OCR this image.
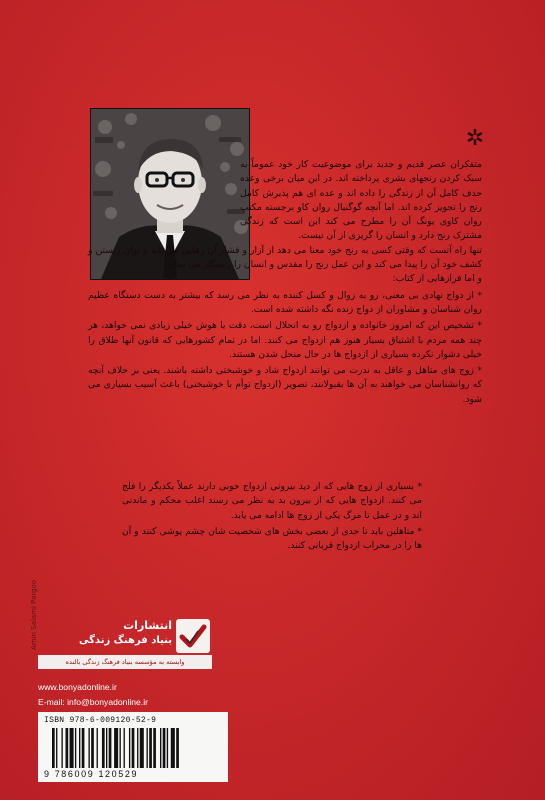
✲

متفکران عصر قدیم و جدید برای موضوعیت کار خود عموماً به سبک کردن رنجهای بشری پرداخته اند. در این میان برخی وعده حذف کامل آن از زندگی را داده اند و عده ای هم پذیرش کامل رنج را تجویز کرده اند. اما آنچه گوگنیال روان کاو برجسته مکتب روان کاوی یونگ آن را مطرح می کند این است که زندگی مشترک رنج دارد و انسان را گریزی از آن نیست.

تنها راه آنست که وقتی کسی به رنج خود معنا می دهد از آزار و فشار آن رهایی می یابد و توان زیستن و کشف خود آن را پیدا می کند و این عمل رنج را مقدس و انسان را رستگار می نماید.

و اما فرازهایی از کتاب:

* از دواج نهادی بی معنی، رو به زوال و کسل کننده به نظر می رسد که بیشتر به دست دستگاه عظیم روان شناسان و مشاوران از دواج زنده نگه داشته شده است.

* تشخیص این که امروز خانواده و ازدواج رو به انحلال است، دقت یا هوش خیلی زیادی نمی خواهد، هر چند همه مردم با اشتیاق بسیار هنوز هم ازدواج می کنند. اما در تمام کشورهایی که قانون آنها طلاق را خیلی دشوار نکرده بسیاری از ازدواج ها در حال منحل شدن هستند.

* زوج های متاهل و عاقل به ندرت می توانند ازدواج شاد و خوشبختی داشته باشند. یعنی بر خلاف آنچه که روانشناسان می خواهند به آن ها بقبولانند، تصویر (ازدواج توأم با خوشبختی) باعث آسیب بسیاری می شود.

* بسیاری از زوج هایی که از دید بیرونی ازدواج خوبی دارند عملاً یکدیگر را فلج می کنند. ازدواج هایی که از بیرون بد به نظر می رسند اغلب محکم و ماندنی اند و در عمل تا مرگ یکی از زوج ها ادامه می یابد.

* متاهلین باید تا حدی از بعضی بخش های شخصیت شان چشم پوشی کنند و آن ها را در محراب ازدواج قربانی کنند.

Amin Salami Pargoo	انتشارات
بنیاد فرهنگ زندگی
وابسته به مؤسسه بنیاد فرهنگ زندگی بالنده
www.bonyadonline.ir
E-mail: info@bonyadonline.ir
ISBN 978-6-009120-52-9
9 786009 120529
